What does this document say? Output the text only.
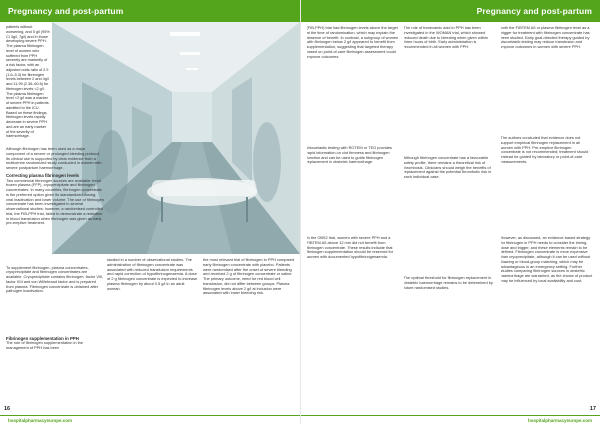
Pregnancy and post-partum

patients without worsening, and 5 g/l (95% CI 3g/l, 7g/l) and in those developing severe PPH. The plasma fibrinogen level of women who suffered from PPH severely are markedly of a risk factor, with an adjusted odds ratio of 2.9 (1.6–5.3) for fibrinogen levels between 2 and 4g/l and 11.99 (2.36–60.6) for fibrinogen levels <2 g/l. The plasma fibrinogen level <2 g/l was a marker of severe PPH in patients admitted to the ICU. Based on these findings, fibrinogen levels rapidly decrease in severe PPH and are an early marker of the severity of haemorrhage.

Although fibrinogen has been used as a major component of a severe or prolonged bleeding protocol, its clinical use is supported by clear evidence from a multicentre randomized study conducted in women with severe postpartum haemorrhage.

Correcting plasma fibrinogen levels

Two commercial fibrinogen sources are available: fresh frozen plasma (FFP), cryoprecipitate and fibrinogen concentrates. In many countries, fibrinogen concentrate is the preferred option given its standardized dosing, viral inactivation and lower volume. The use of fibrinogen concentrate has been investigated in several observational studies; however, a randomised controlled trial, the FIB-PPH trial, failed to demonstrate a reduction in blood transfusion when fibrinogen was given as early pre-emptive treatment.

To supplement fibrinogen, plasma concentrates, cryoprecipitate and fibrinogen concentrates are available. Cryoprecipitate contains fibrinogen, factor VIII, factor XIII and von Willebrand factor and is prepared from plasma. Fibrinogen concentrate is obtained after pathogen inactivation.

Fibrinogen supplementation in PPH

The role of fibrinogen supplementation in the management of PPH has been

studied in a number of observational studies. The administration of fibrinogen concentrate was associated with reduced transfusion requirements and rapid correction of hypofibrinogenaemia. A dose of 2 g fibrinogen concentrate is expected to increase plasma fibrinogen by about 0.5 g/l in an adult woman.

the most relevant trial of fibrinogen in PPH compared early fibrinogen concentrate with placebo. Patients were randomised after the onset of severe bleeding and received 2 g of fibrinogen concentrate or saline. The primary outcome, need for red blood cell transfusion, did not differ between groups. Plasma fibrinogen levels above 2 g/l at inclusion were associated with lower bleeding risk.

16
hospitalpharmacyeurope.com
Pregnancy and post-partum

(FIB-PPH) trial had fibrinogen levels above the target at the time of randomisation, which may explain the absence of benefit. In contrast, a subgroup of women with fibrinogen below 2 g/l appeared to benefit from supplementation, suggesting that targeted therapy based on point-of-care fibrinogen assessment could improve outcomes.

Viscoelastic testing with ROTEM or TEG provides rapid information on clot firmness and fibrinogen function and can be used to guide fibrinogen replacement in obstetric haemorrhage.

In the OBS2 trial, women with severe PPH and a FIBTEM A5 above 12 mm did not benefit from fibrinogen concentrate. These results indicate that fibrinogen supplementation should be reserved for women with documented hypofibrinogenaemia.

The role of tranexamic acid in PPH has been investigated in the WOMAN trial, which showed reduced death due to bleeding when given within three hours of birth. Early administration is recommended in all women with PPH.

Although fibrinogen concentrate has a favourable safety profile, there remains a theoretical risk of thrombosis. Clinicians should weigh the benefits of replacement against the potential thrombotic risk in each individual case.

The optimal threshold for fibrinogen replacement in obstetric haemorrhage remains to be determined by future randomised studies.

both the FIBTEM A5 or plasma fibrinogen level as a trigger for treatment with fibrinogen concentrate has been studied. Early goal-directed therapy guided by viscoelastic testing may reduce transfusion and improve outcomes in women with severe PPH.

The authors concluded that evidence does not support empirical fibrinogen replacement in all women with PPH. Pre-emptive fibrinogen concentrate is not recommended; treatment should instead be guided by laboratory or point-of-care measurements.

However, as discussed, an evidence-based strategy for fibrinogen in PPH needs to consider the timing, dose and trigger, and these elements remain to be defined. Fibrinogen concentrate is more expensive than cryoprecipitate, although it can be used without thawing or blood-group matching, which may be advantageous in an emergency setting. Further studies comparing fibrinogen sources in obstetric haemorrhage are warranted, as the choice of product may be influenced by local availability and cost.

17
hospitalpharmacyeurope.com
